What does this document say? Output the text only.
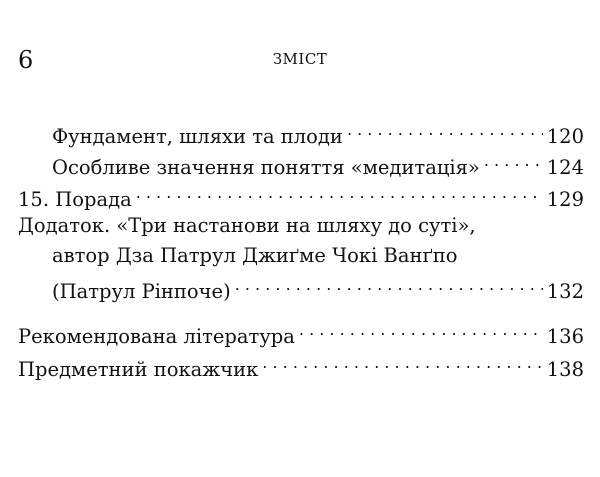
6	ЗМІСТ
Фундамент, шляхи та плоди . . .	120
Особливе значення поняття «медитація» . . .	124
15. Порада . . .	129
Додаток. «Три настанови на шляху до суті»,
автор Дза Патрул Джиґме Чокі Ванґпо
(Патрул Рінпоче) . . .	132
Рекомендована література . . .	136
Предметний покажчик . . .	138
